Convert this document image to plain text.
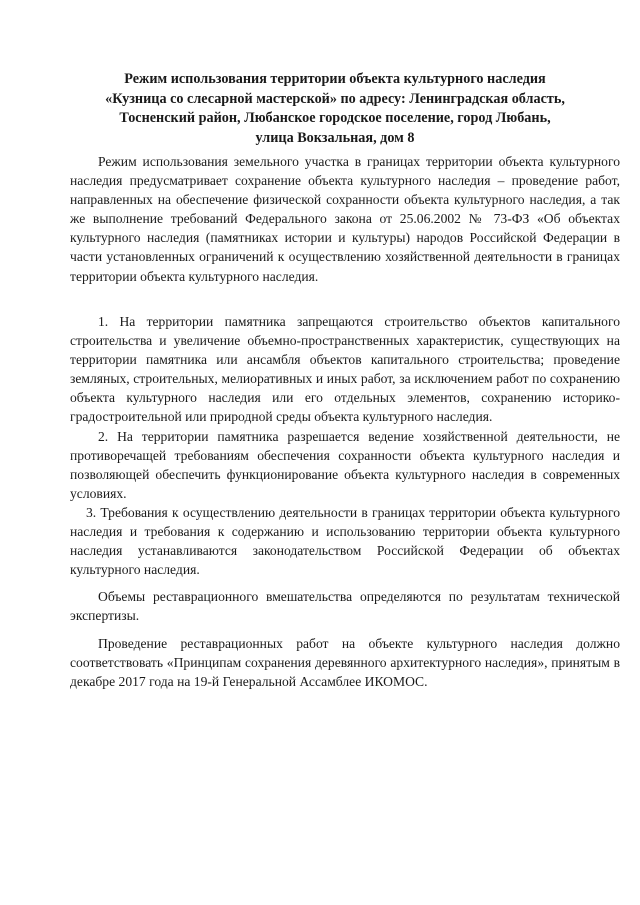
Режим использования территории объекта культурного наследия
«Кузница со слесарной мастерской» по адресу: Ленинградская область,
Тосненский район, Любанское городское поселение, город Любань,
улица Вокзальная, дом 8

Режим использования земельного участка в границах территории объекта культурного наследия предусматривает сохранение объекта культурного наследия – проведение работ, направленных на обеспечение физической сохранности объекта культурного наследия, а так же выполнение требований Федерального закона от 25.06.2002 № 73-ФЗ «Об объектах культурного наследия (памятниках истории и культуры) народов Российской Федерации в части установленных ограничений к осуществлению хозяйственной деятельности в границах территории объекта культурного наследия.

1. На территории памятника запрещаются строительство объектов капитального строительства и увеличение объемно-пространственных характеристик, существующих на территории памятника или ансамбля объектов капитального строительства; проведение земляных, строительных, мелиоративных и иных работ, за исключением работ по сохранению объекта культурного наследия или его отдельных элементов, сохранению историко-градостроительной или природной среды объекта культурного наследия.

2. На территории памятника разрешается ведение хозяйственной деятельности, не противоречащей требованиям обеспечения сохранности объекта культурного наследия и позволяющей обеспечить функционирование объекта культурного наследия в современных условиях.

3. Требования к осуществлению деятельности в границах территории объекта культурного наследия и требования к содержанию и использованию территории объекта культурного наследия устанавливаются законодательством Российской Федерации об объектах культурного наследия.

Объемы реставрационного вмешательства определяются по результатам технической экспертизы.

Проведение реставрационных работ на объекте культурного наследия должно соответствовать «Принципам сохранения деревянного архитектурного наследия», принятым в декабре 2017 года на 19-й Генеральной Ассамблее ИКОМОС.
